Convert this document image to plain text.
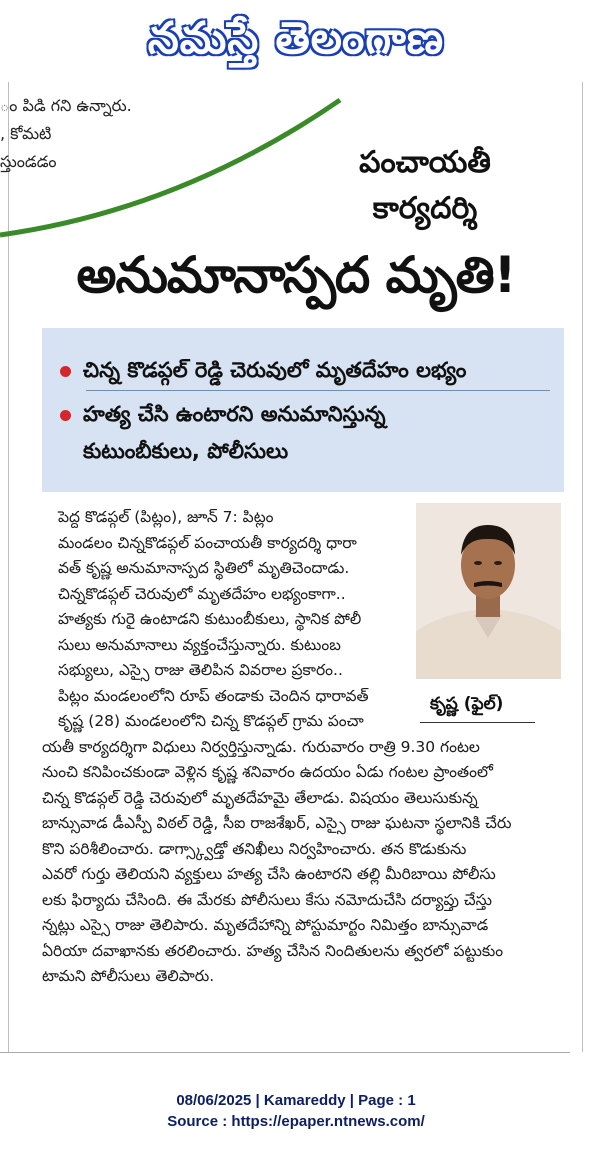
నమస్తే తెలంగాణ
ం పిడి గని ఉన్నారు.
, కోమటి
స్తుండడం	పంచాయతీ
కార్యదర్శి
అనుమానాస్పద మృతి!
చిన్న కొడప్గల్ రెడ్డి చెరువులో మృతదేహం లభ్యం
హత్య చేసి ఉంటారని అనుమానిస్తున్న
కుటుంబీకులు, పోలీసులు
పెద్ద కొడప్గల్ (పిట్లం), జూన్ 7: పిట్లం
మండలం చిన్నకొడప్గల్ పంచాయతీ కార్యదర్శి ధారా
వత్ కృష్ణ అనుమానాస్పద స్థితిలో మృతిచెందాడు.
చిన్నకొడప్గల్ చెరువులో మృతదేహం లభ్యంకాగా..
హత్యకు గురై ఉంటాడని కుటుంబీకులు, స్థానిక పోలీ
సులు అనుమానాలు వ్యక్తంచేస్తున్నారు. కుటుంబ
సభ్యులు, ఎస్సై రాజు తెలిపిన వివరాల ప్రకారం..
పిట్లం మండలంలోని రూప్ తండాకు చెందిన ధారావత్
కృష్ణ (28) మండలంలోని చిన్న కొడప్గల్ గ్రామ పంచా
యతీ కార్యదర్శిగా విధులు నిర్వర్తిస్తున్నాడు. గురువారం రాత్రి 9.30 గంటల
నుంచి కనిపించకుండా వెళ్లిన కృష్ణ శనివారం ఉదయం ఏడు గంటల ప్రాంతంలో
చిన్న కొడప్గల్ రెడ్డి చెరువులో మృతదేహమై తేలాడు. విషయం తెలుసుకున్న
బాన్సువాడ డీఎస్పీ విఠల్ రెడ్డి, సీఐ రాజశేఖర్, ఎస్సై రాజు ఘటనా స్థలానికి చేరు
కొని పరిశీలించారు. డాగ్స్క్వాడ్తో తనిఖీలు నిర్వహించారు. తన కొడుకును
ఎవరో గుర్తు తెలియని వ్యక్తులు హత్య చేసి ఉంటారని తల్లి మీరిబాయి పోలీసు
లకు ఫిర్యాదు చేసింది. ఈ మేరకు పోలీసులు కేసు నమోదుచేసి దర్యాప్తు చేస్తు
న్నట్లు ఎస్సై రాజు తెలిపారు. మృతదేహాన్ని పోస్టుమార్టం నిమిత్తం బాన్సువాడ
ఏరియా దవాఖానకు తరలించారు. హత్య చేసిన నిందితులను త్వరలో పట్టుకుం
టామని పోలీసులు తెలిపారు.
కృష్ణ (ఫైల్)
08/06/2025 | Kamareddy | Page : 1
Source : https://epaper.ntnews.com/
